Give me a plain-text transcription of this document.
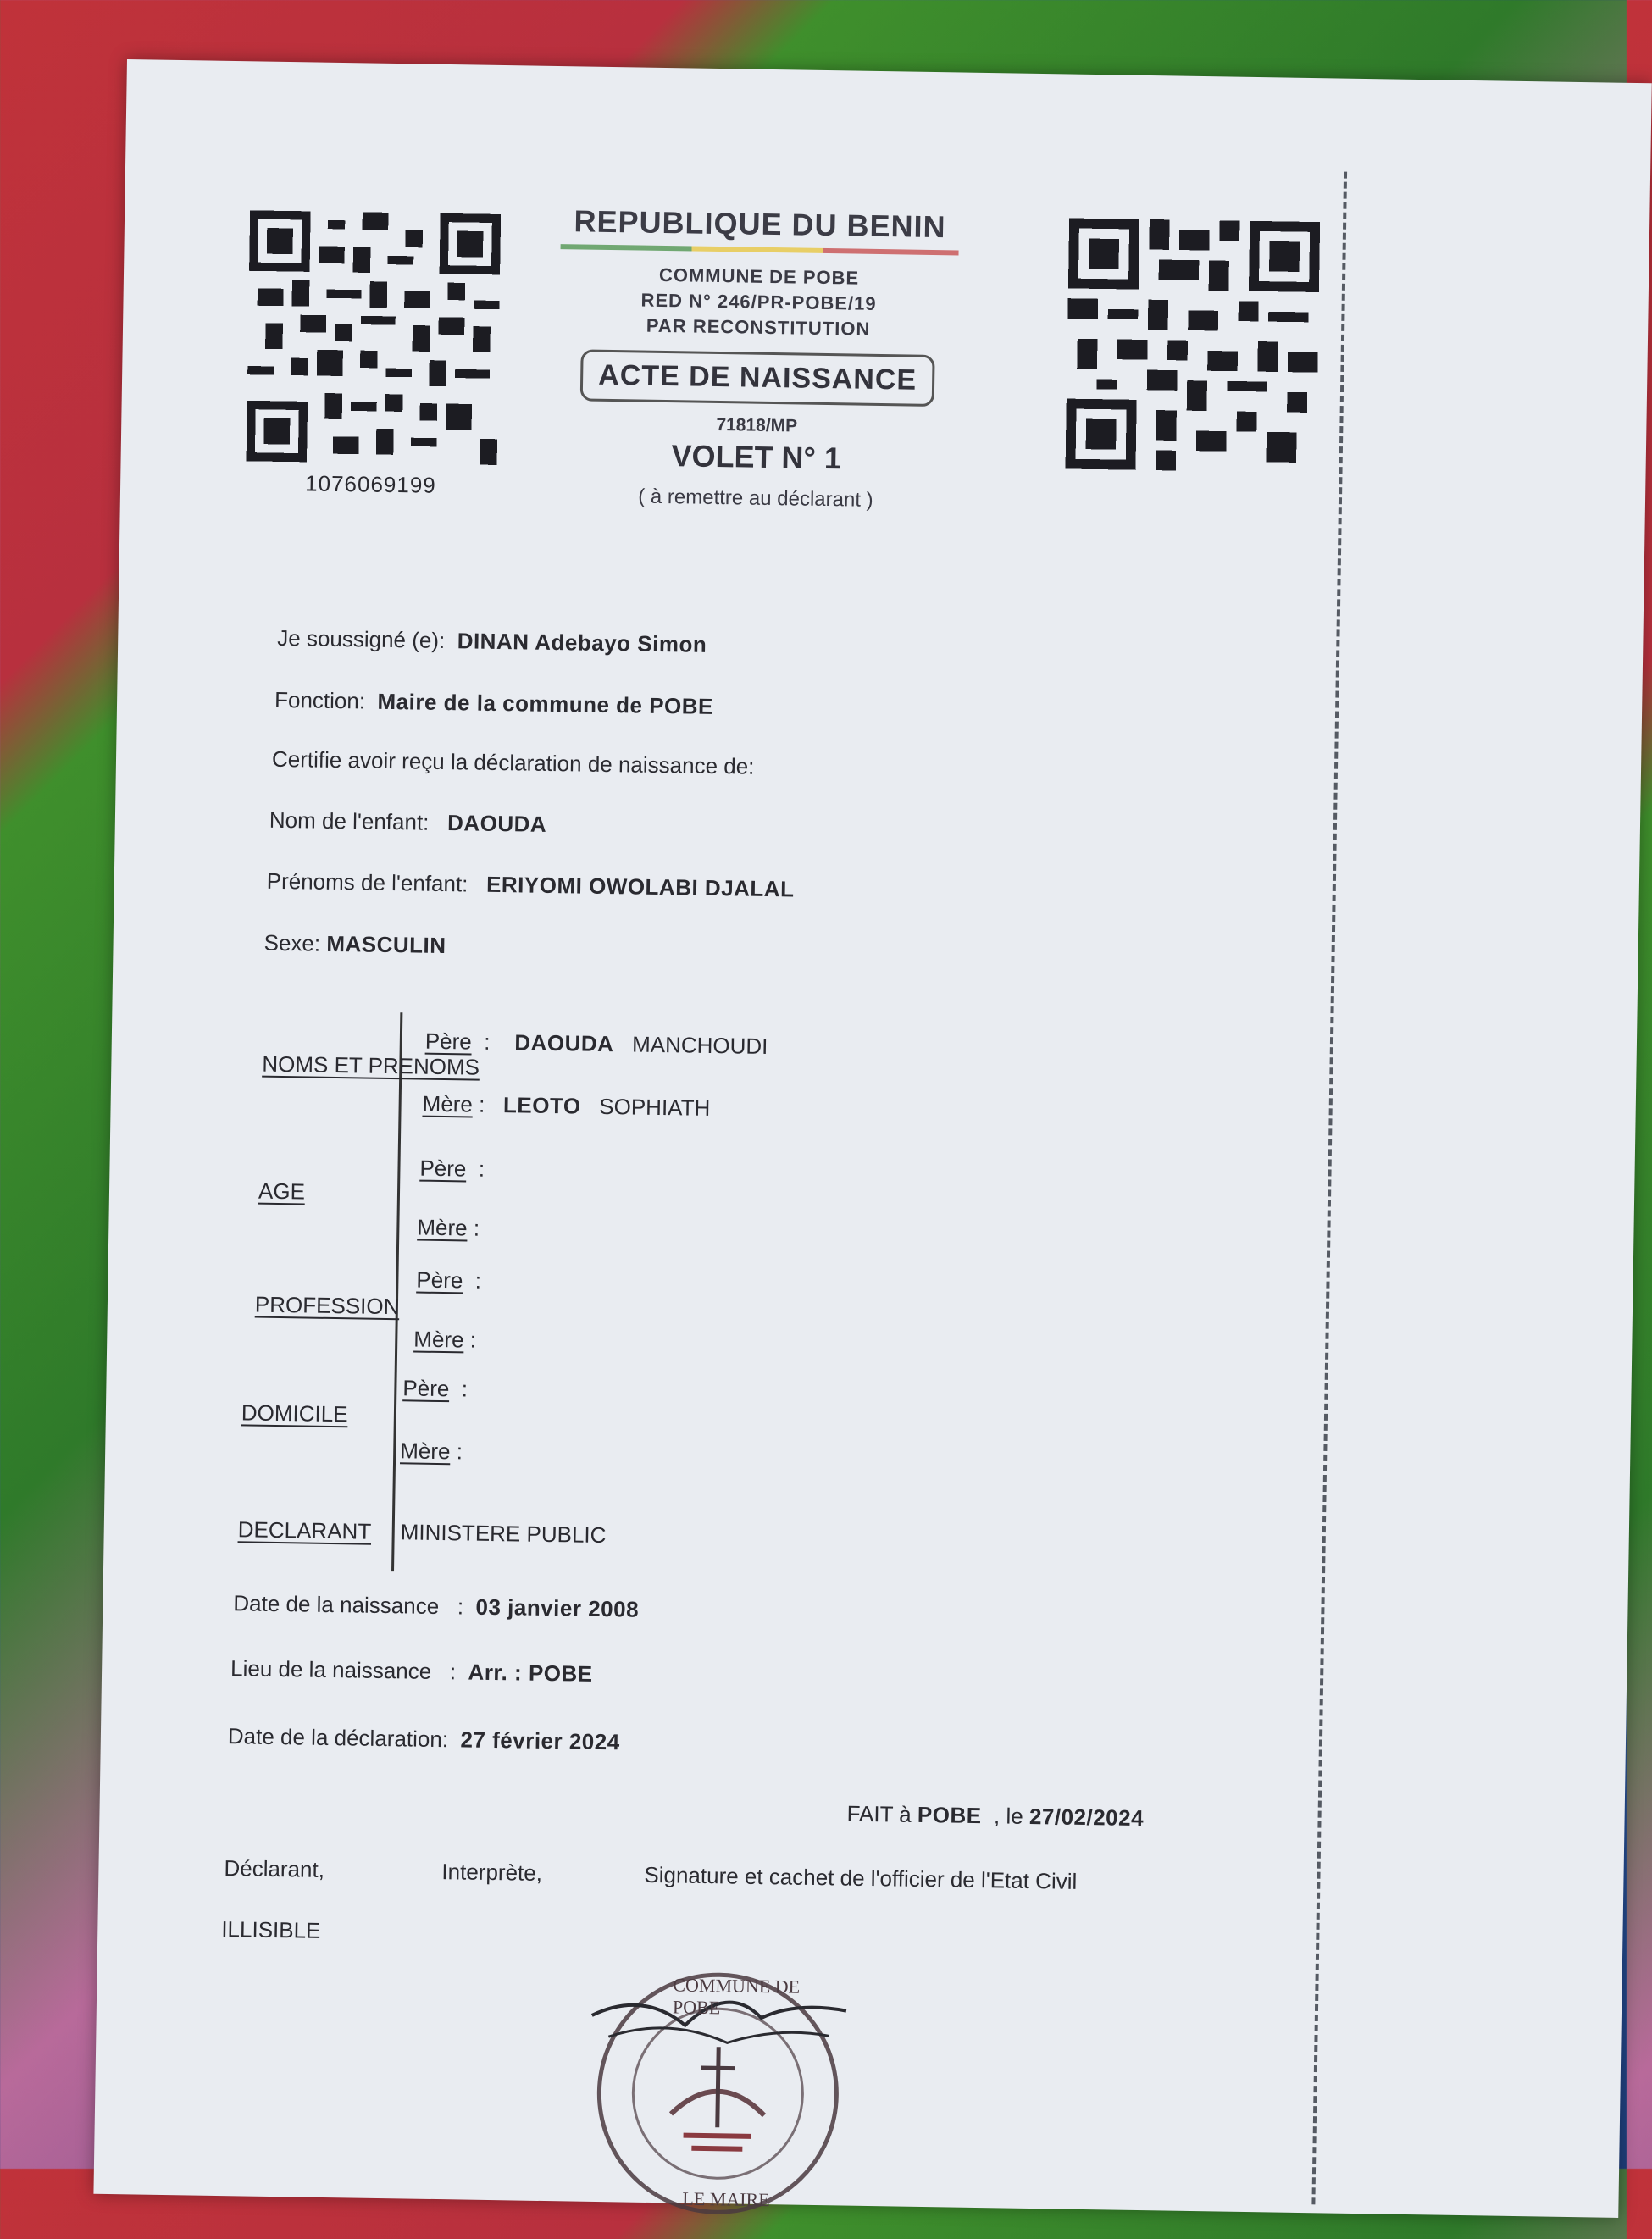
1076069199
REPUBLIQUE DU BENIN
COMMUNE DE POBE
RED N° 246/PR-POBE/19
PAR RECONSTITUTION
ACTE DE NAISSANCE
71818/MP
VOLET N° 1
( à remettre au déclarant )
Je soussigné (e): DINAN Adebayo Simon
Fonction: Maire de la commune de POBE
Certifie avoir reçu la déclaration de naissance de:
Nom de l'enfant: DAOUDA
Prénoms de l'enfant: ERIYOMI OWOLABI DJALAL
Sexe: MASCULIN
NOMS ET PRENOMS
Père  :    DAOUDA MANCHOUDI
Mère :   LEOTO SOPHIATH
AGE
Père  :
Mère :
PROFESSION
Père  :
Mère :
DOMICILE
Père  :
Mère :
DECLARANT MINISTERE PUBLIC
Date de la naissance   :  03 janvier 2008
Lieu de la naissance   :  Arr. : POBE
Date de la déclaration: 27 février 2024
FAIT à POBE , le 27/02/2024
Déclarant,	Interprète,	Signature et cachet de l'officier de l'Etat Civil
ILLISIBLE
COMMUNE DE POBE
LE MAIRE
